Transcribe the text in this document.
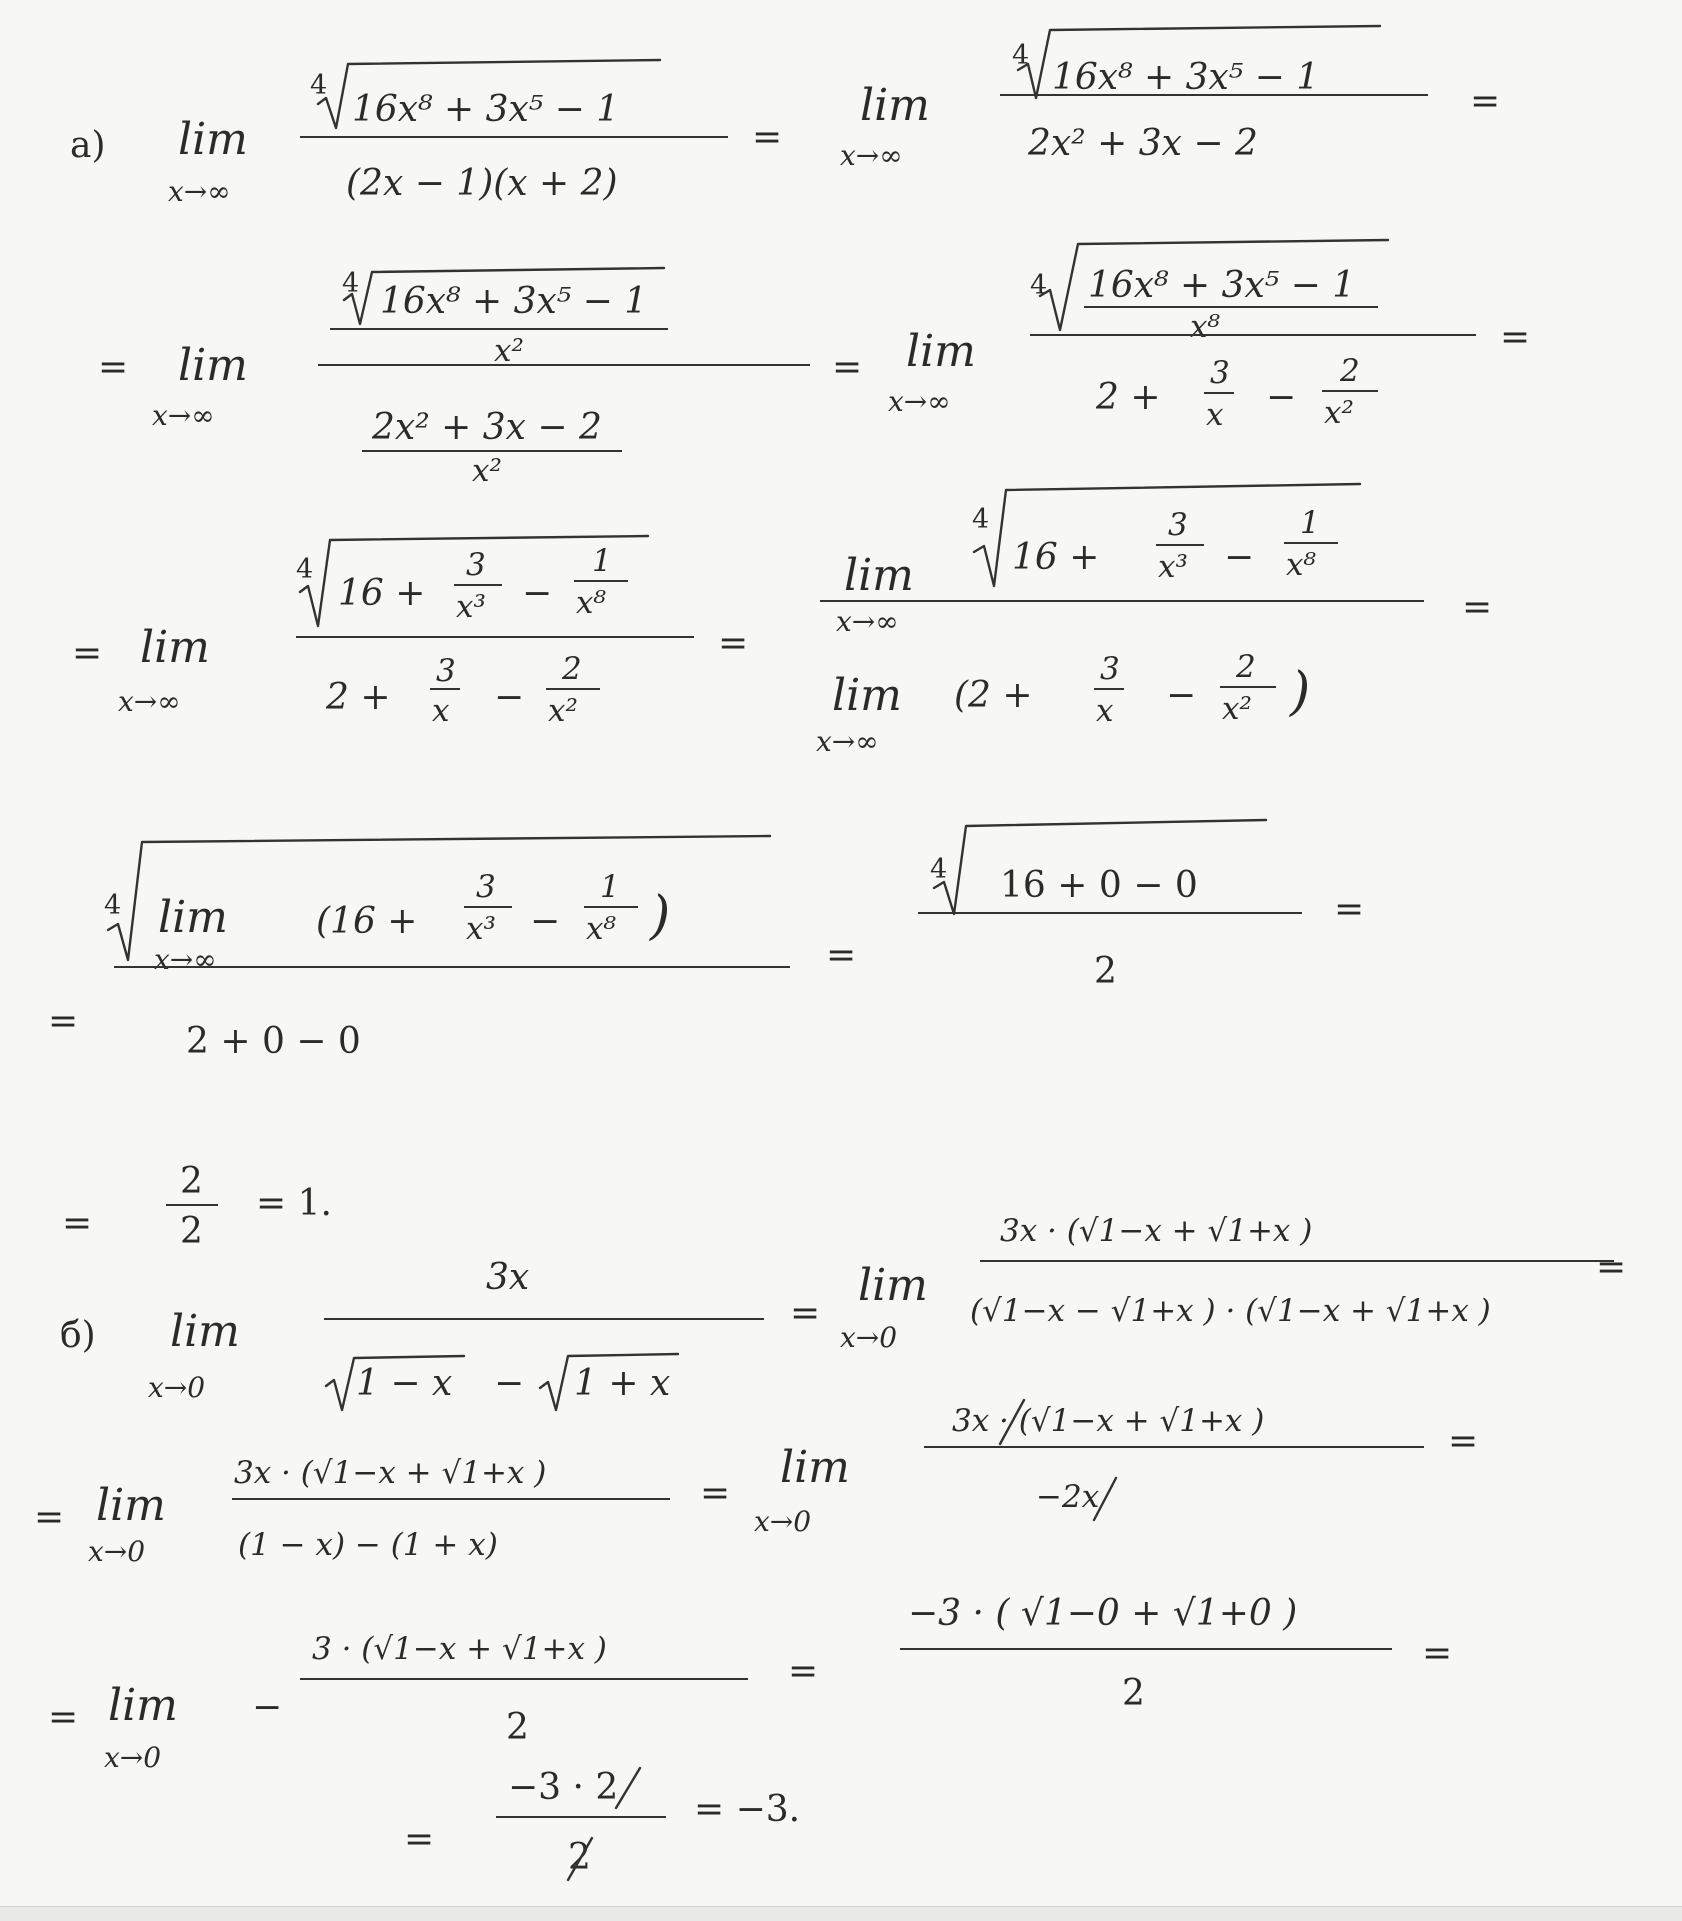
а) lim
x→∞
4
16x⁸ + 3x⁵ − 1
(2x − 1)(x + 2)
=
lim
x→∞
4
16x⁸ + 3x⁵ − 1
2x² + 3x − 2
=
= lim
x→∞
4 16x⁸ + 3x⁵ − 1
x²
2x² + 3x − 2
x²
= lim
x→∞
4 16x⁸ + 3x⁵ − 1
x⁸
2 +
3
x −
2
x²
=
= lim
x→∞
4
16 +
3
x³ −
1
x⁸
2 +
3
x −
2
x²
=
lim
x→∞
4
16 +
3
x³ −
1
x⁸
lim
x→∞
(2 +
3
x −
2
x² )
=
=
4 lim
x→∞
(16 +
3
x³ −
1
x⁸ )
2 + 0 − 0
=
4 16 + 0 − 0
2
=
=
2
2
= 1.
б) lim
x→0
3x
1 − x − 1 + x
=
lim
x→0
3x · (√1−x + √1+x )
(√1−x − √1+x ) · (√1−x + √1+x )
=
= lim
x→0
3x · (√1−x + √1+x )
(1 − x) − (1 + x)
=
lim
x→0
3x · (√1−x + √1+x )
−2x
=
= lim
x→0
−
3 · (√1−x + √1+x )
2
=
−3 · ( √1−0 + √1+0 )
2
=
=
−3 · 2
2
= −3.
